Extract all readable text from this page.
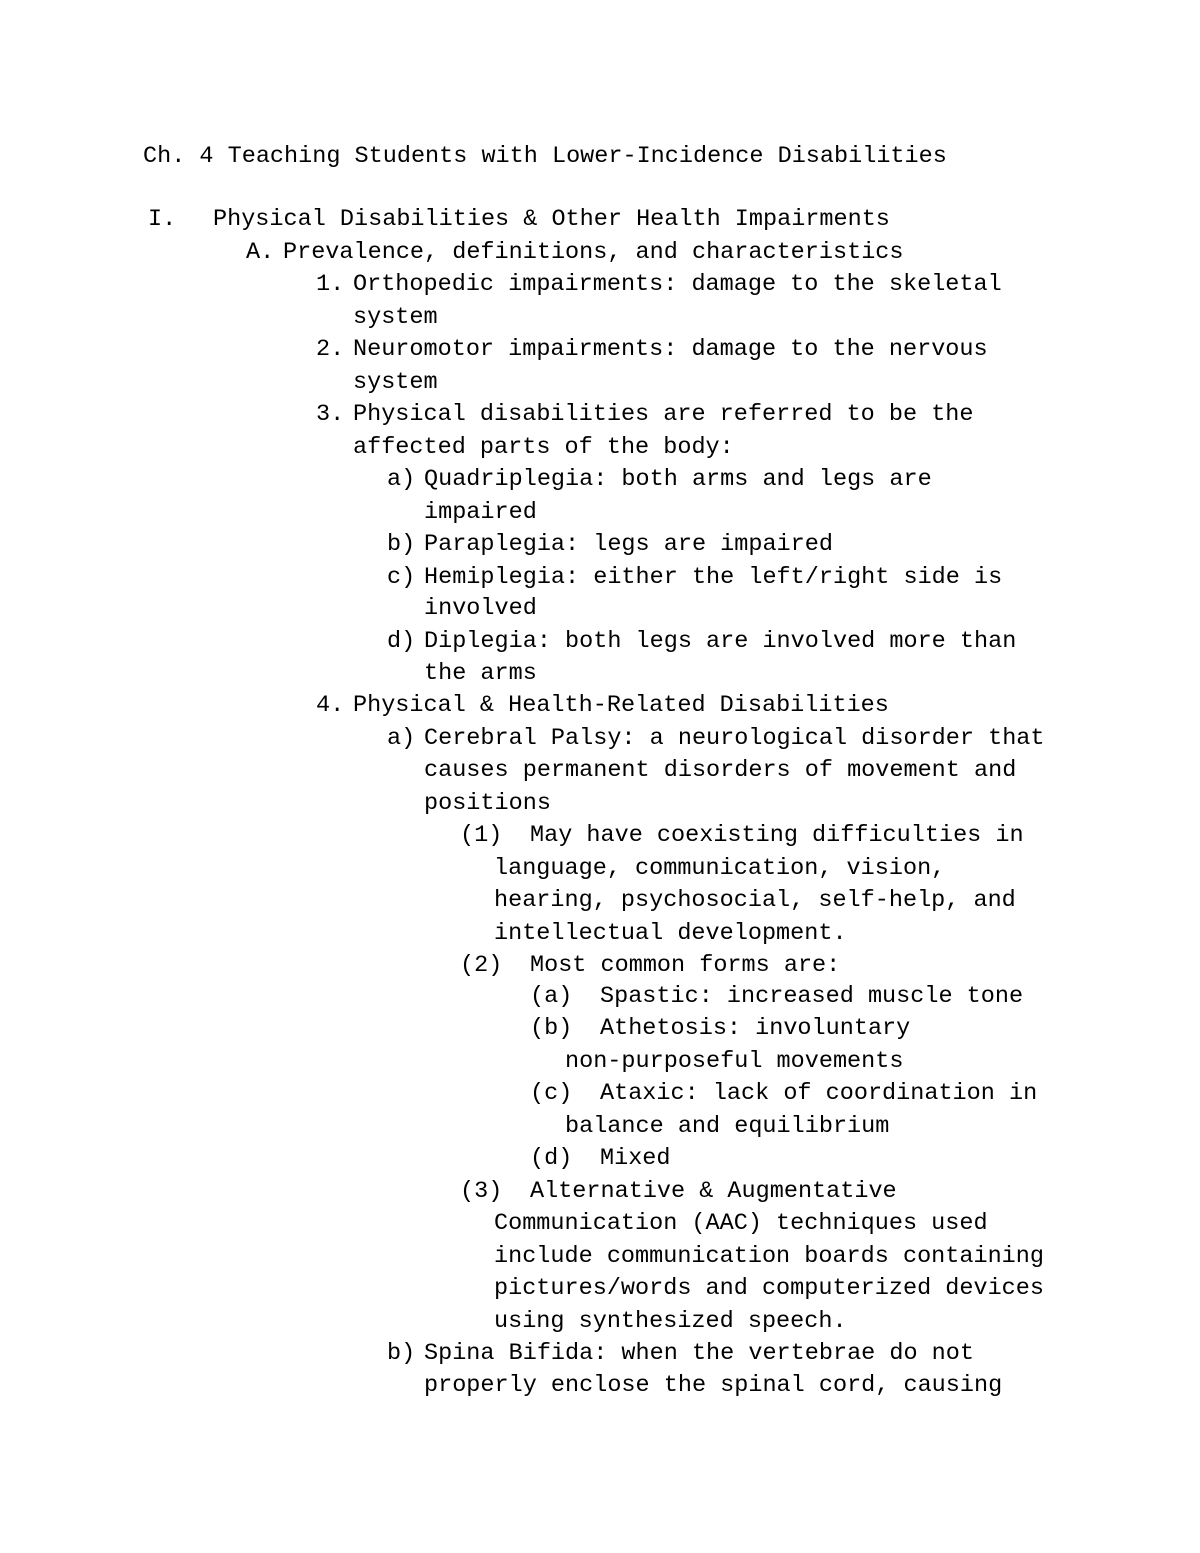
Ch. 4 Teaching Students with Lower-Incidence Disabilities
I. Physical Disabilities & Other Health Impairments
A. Prevalence, definitions, and characteristics
1. Orthopedic impairments: damage to the skeletal
system
2. Neuromotor impairments: damage to the nervous
system
3. Physical disabilities are referred to be the
affected parts of the body:
a) Quadriplegia: both arms and legs are
impaired
b) Paraplegia: legs are impaired
c) Hemiplegia: either the left/right side is
involved
d) Diplegia: both legs are involved more than
the arms
4. Physical & Health-Related Disabilities
a) Cerebral Palsy: a neurological disorder that
causes permanent disorders of movement and
positions
(1) May have coexisting difficulties in
language, communication, vision,
hearing, psychosocial, self-help, and
intellectual development.
(2) Most common forms are:
(a) Spastic: increased muscle tone
(b) Athetosis: involuntary
non-purposeful movements
(c) Ataxic: lack of coordination in
balance and equilibrium
(d) Mixed
(3) Alternative & Augmentative
Communication (AAC) techniques used
include communication boards containing
pictures/words and computerized devices
using synthesized speech.
b) Spina Bifida: when the vertebrae do not
properly enclose the spinal cord, causing
